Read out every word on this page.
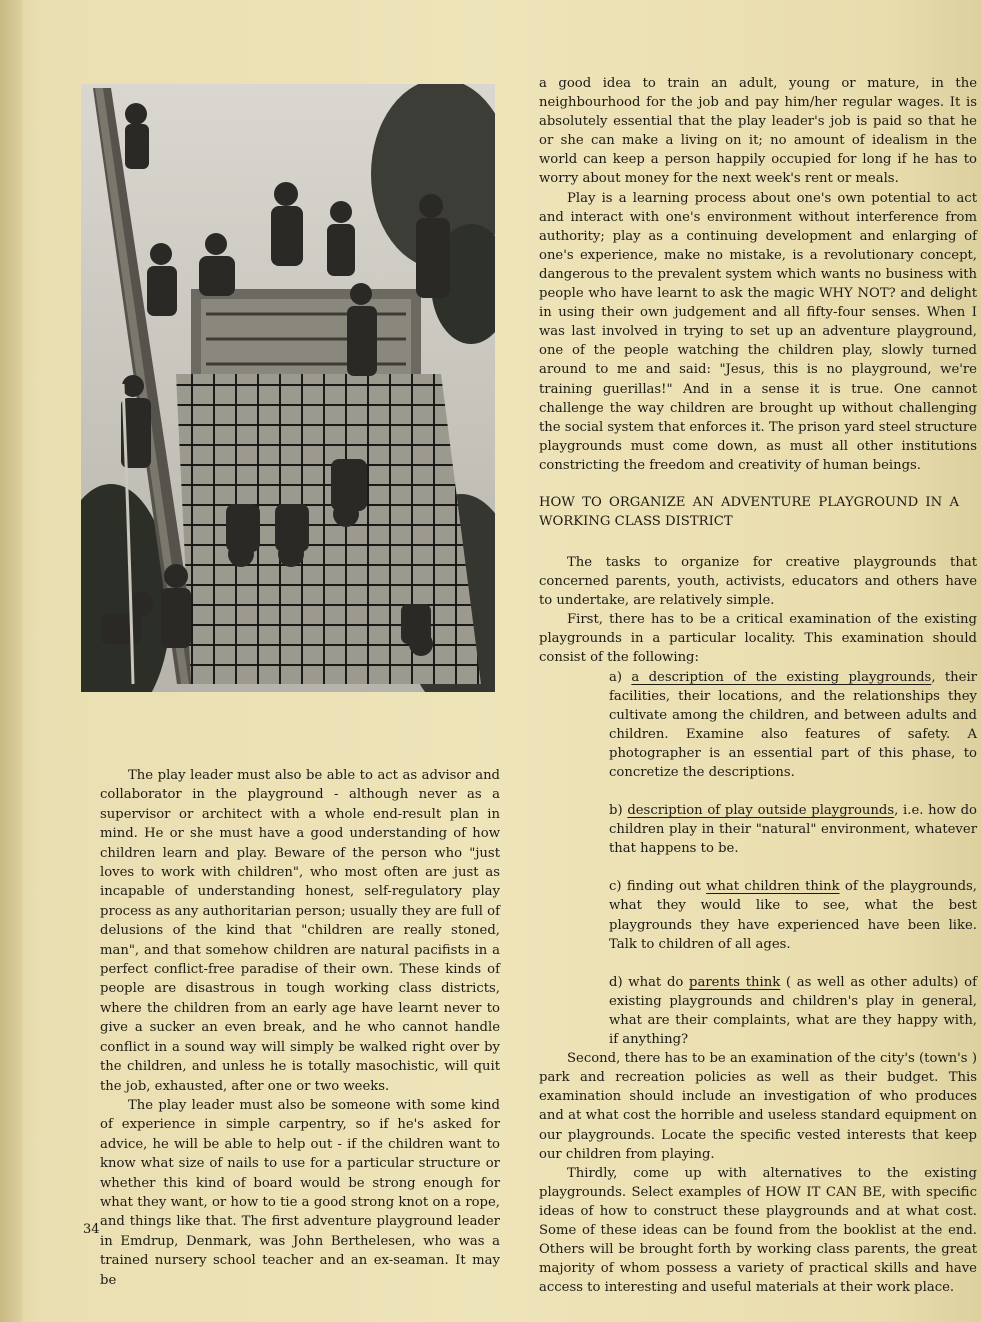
The play leader must also be able to act as advisor and collaborator in the playground - although never as a supervisor or architect with a whole end-result plan in mind. He or she must have a good understanding of how children learn and play. Beware of the person who "just loves to work with children", who most often are just as incapable of understanding honest, self-regulatory play process as any authoritarian person; usually they are full of delusions of the kind that "children are really stoned, man", and that somehow children are natural pacifists in a perfect conflict-free paradise of their own. These kinds of people are disastrous in tough working class districts, where the children from an early age have learnt never to give a sucker an even break, and he who cannot handle conflict in a sound way will simply be walked right over by the children, and unless he is totally masochistic, will quit the job, exhausted, after one or two weeks.

The play leader must also be someone with some kind of experience in simple carpentry, so if he's asked for advice, he will be able to help out - if the children want to know what size of nails to use for a particular structure or whether this kind of board would be strong enough for what they want, or how to tie a good strong knot on a rope, and things like that. The first adventure playground leader in Emdrup, Denmark, was John Berthelesen, who was a trained nursery school teacher and an ex-seaman. It may be

a good idea to train an adult, young or mature, in the neighbourhood for the job and pay him/her regular wages. It is absolutely essential that the play leader's job is paid so that he or she can make a living on it; no amount of idealism in the world can keep a person happily occupied for long if he has to worry about money for the next week's rent or meals.

Play is a learning process about one's own potential to act and interact with one's environment without interference from authority; play as a continuing development and enlarging of one's experience, make no mistake, is a revolutionary concept, dangerous to the prevalent system which wants no business with people who have learnt to ask the magic WHY NOT? and delight in using their own judgement and all fifty-four senses. When I was last involved in trying to set up an adventure playground, one of the people watching the children play, slowly turned around to me and said: "Jesus, this is no playground, we're training guerillas!" And in a sense it is true. One cannot challenge the way children are brought up without challenging the social system that enforces it. The prison yard steel structure playgrounds must come down, as must all other institutions constricting the freedom and creativity of human beings.

HOW TO ORGANIZE AN ADVENTURE PLAYGROUND IN A WORKING CLASS DISTRICT

The tasks to organize for creative playgrounds that concerned parents, youth, activists, educators and others have to undertake, are relatively simple.

First, there has to be a critical examination of the existing playgrounds in a particular locality. This examination should consist of the following:

a) a description of the existing playgrounds, their facilities, their locations, and the relationships they cultivate among the children, and between adults and children. Examine also features of safety. A photographer is an essential part of this phase, to concretize the descriptions.

b) description of play outside playgrounds, i.e. how do children play in their "natural" environment, whatever that happens to be.

c) finding out what children think of the playgrounds, what they would like to see, what the best playgrounds they have experienced have been like. Talk to children of all ages.

d) what do parents think ( as well as other adults) of existing playgrounds and children's play in general, what are their complaints, what are they happy with, if anything?

Second, there has to be an examination of the city's (town's ) park and recreation policies as well as their budget. This examination should include an investigation of who produces and at what cost the horrible and useless standard equipment on our playgrounds. Locate the specific vested interests that keep our children from playing.

Thirdly, come up with alternatives to the existing playgrounds. Select examples of HOW IT CAN BE, with specific ideas of how to construct these playgrounds and at what cost. Some of these ideas can be found from the booklist at the end. Others will be brought forth by working class parents, the great majority of whom possess a variety of practical skills and have access to interesting and useful materials at their work place.

34
